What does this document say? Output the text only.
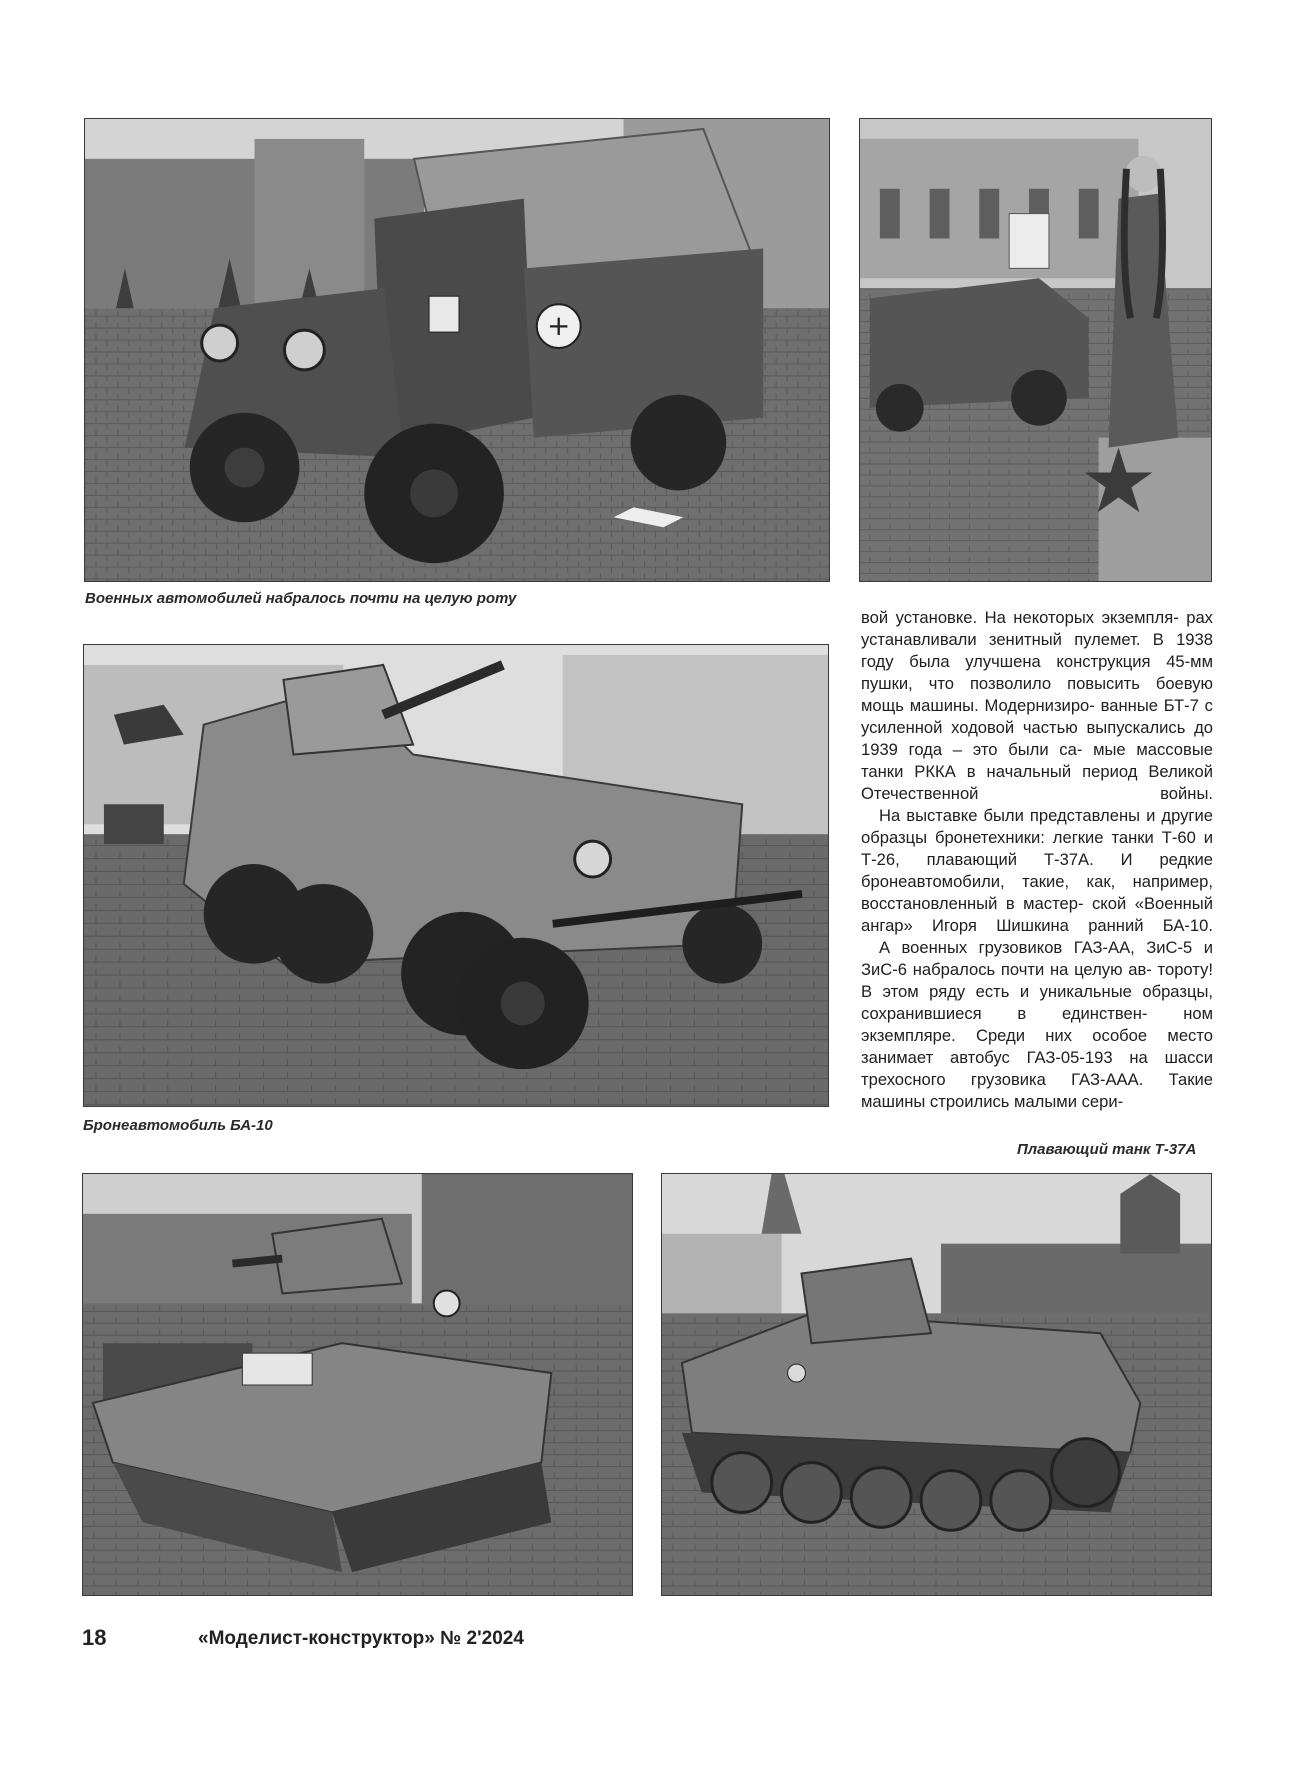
+
Военных автомобилей набралось почти на целую роту
Бронеавтомобиль БА-10
Плавающий танк Т-37А

вой установке. На некоторых экземпля- рах устанавливали зенитный пулемет. В 1938 году была улучшена конструкция 45-мм пушки, что позволило повысить боевую мощь машины. Модернизиро- ванные БТ-7 с усиленной ходовой частью выпускались до 1939 года – это были са- мые массовые танки РККА в начальный период Великой Отечественной войны.

На выставке были представлены и другие образцы бронетехники: легкие танки Т-60 и Т-26, плавающий Т-37А. И редкие бронеавтомобили, такие, как, например, восстановленный в мастер- ской «Военный ангар» Игоря Шишкина ранний БА-10.

А военных грузовиков ГАЗ-АА, ЗиС-5 и ЗиС-6 набралось почти на целую ав- тороту! В этом ряду есть и уникальные образцы, сохранившиеся в единствен- ном экземпляре. Среди них особое место занимает автобус ГАЗ-05-193 на шасси трехосного грузовика ГАЗ-ААА. Такие машины строились малыми сери-

18	«Моделист-конструктор» № 2'2024
